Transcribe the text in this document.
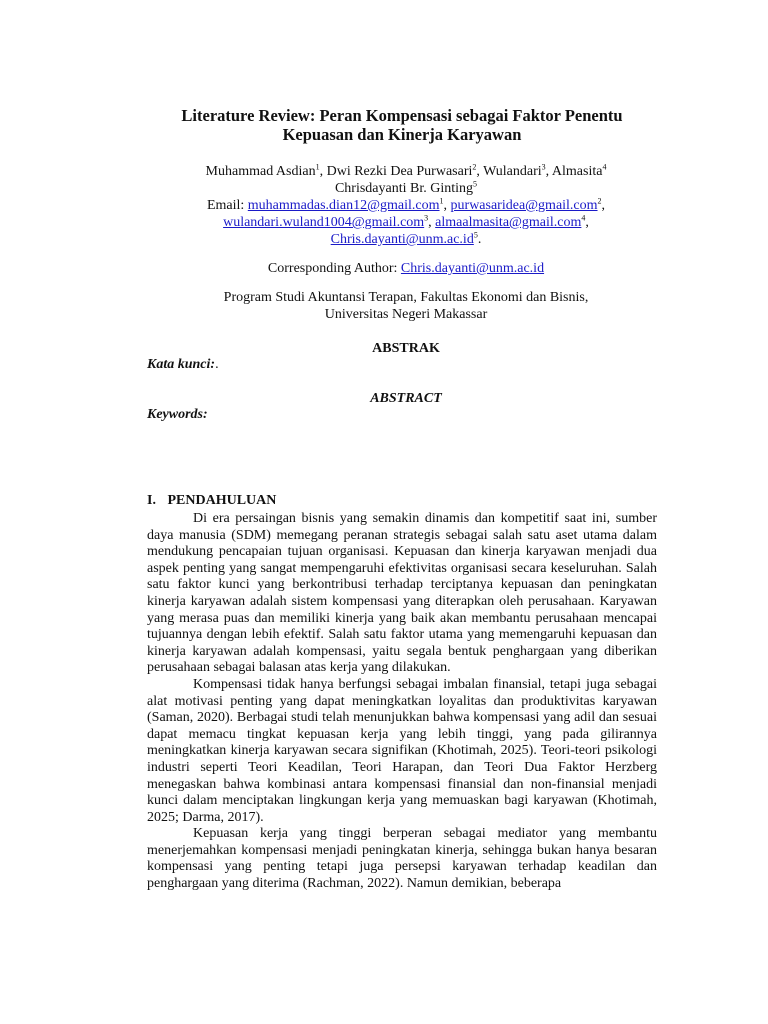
Literature Review: Peran Kompensasi sebagai Faktor Penentu
Kepuasan dan Kinerja Karyawan
Muhammad Asdian$^1$, Dwi Rezki Dea Purwasari$^2$, Wulandari$^3$, Almasita$^4$
Chrisdayanti Br. Ginting$^5$
Email: muhammadas.dian12@gmail.com$^1$, purwasaridea@gmail.com$^2$,
wulandari.wuland1004@gmail.com$^3$, almaalmasita@gmail.com$^4$,
$Chris.dayanti@unm.ac.id^5$.
Corresponding Author: Chris.dayanti@unm.ac.id
Program Studi Akuntansi Terapan, Fakultas Ekonomi dan Bisnis,
Universitas Negeri Makassar
ABSTRAK
Kata kunci:.
ABSTRACT
Keywords:
I. PENDAHULUAN

Di era persaingan bisnis yang semakin dinamis dan kompetitif saat ini, sumber daya manusia (SDM) memegang peranan strategis sebagai salah satu aset utama dalam mendukung pencapaian tujuan organisasi. Kepuasan dan kinerja karyawan menjadi dua aspek penting yang sangat mempengaruhi efektivitas organisasi secara keseluruhan. Salah satu faktor kunci yang berkontribusi terhadap terciptanya kepuasan dan peningkatan kinerja karyawan adalah sistem kompensasi yang diterapkan oleh perusahaan. Karyawan yang merasa puas dan memiliki kinerja yang baik akan membantu perusahaan mencapai tujuannya dengan lebih efektif. Salah satu faktor utama yang memengaruhi kepuasan dan kinerja karyawan adalah kompensasi, yaitu segala bentuk penghargaan yang diberikan perusahaan sebagai balasan atas kerja yang dilakukan.

Kompensasi tidak hanya berfungsi sebagai imbalan finansial, tetapi juga sebagai alat motivasi penting yang dapat meningkatkan loyalitas dan produktivitas karyawan (Saman, 2020). Berbagai studi telah menunjukkan bahwa kompensasi yang adil dan sesuai dapat memacu tingkat kepuasan kerja yang lebih tinggi, yang pada gilirannya meningkatkan kinerja karyawan secara signifikan (Khotimah, 2025). Teori-teori psikologi industri seperti Teori Keadilan, Teori Harapan, dan Teori Dua Faktor Herzberg menegaskan bahwa kombinasi antara kompensasi finansial dan non-finansial menjadi kunci dalam menciptakan lingkungan kerja yang memuaskan bagi karyawan (Khotimah, 2025; Darma, 2017).

Kepuasan kerja yang tinggi berperan sebagai mediator yang membantu menerjemahkan kompensasi menjadi peningkatan kinerja, sehingga bukan hanya besaran kompensasi yang penting tetapi juga persepsi karyawan terhadap keadilan dan penghargaan yang diterima (Rachman, 2022). Namun demikian, beberapa
